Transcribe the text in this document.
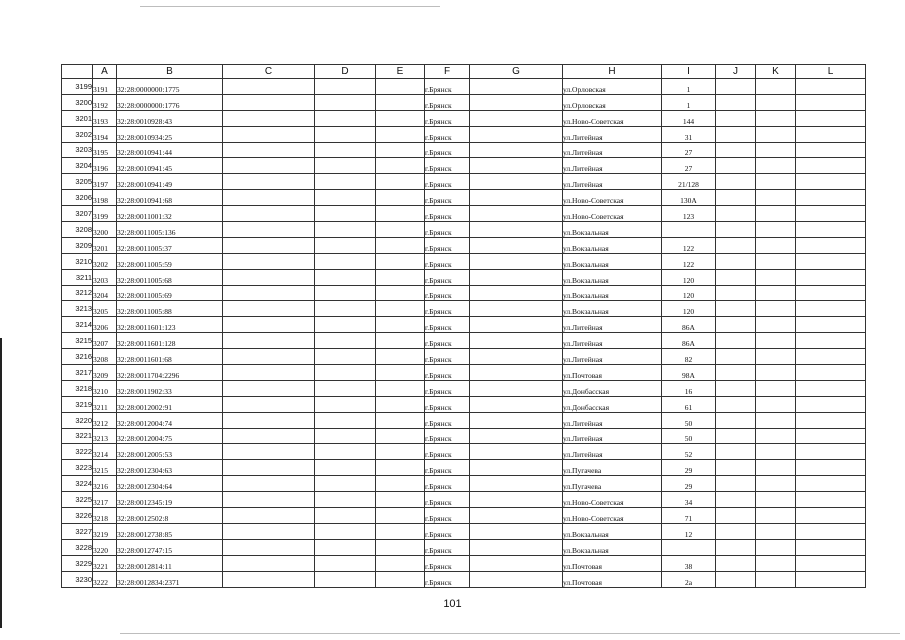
	A	B	C	D	E	F	G	H	I	J	K	L
3199	3191	32:28:0000000:1775				г.Брянск		ул.Орловская	1			
3200	3192	32:28:0000000:1776				г.Брянск		ул.Орловская	1			
3201	3193	32:28:0010928:43				г.Брянск		ул.Ново-Советская	144			
3202	3194	32:28:0010934:25				г.Брянск		ул.Литейная	31			
3203	3195	32:28:0010941:44				г.Брянск		ул.Литейная	27			
3204	3196	32:28:0010941:45				г.Брянск		ул.Литейная	27			
3205	3197	32:28:0010941:49				г.Брянск		ул.Литейная	21/128			
3206	3198	32:28:0010941:68				г.Брянск		ул.Ново-Советская	130А			
3207	3199	32:28:0011001:32				г.Брянск		ул.Ново-Советская	123			
3208	3200	32:28:0011005:136				г.Брянск		ул.Вокзальная				
3209	3201	32:28:0011005:37				г.Брянск		ул.Вокзальная	122			
3210	3202	32:28:0011005:59				г.Брянск		ул.Вокзальная	122			
3211	3203	32:28:0011005:68				г.Брянск		ул.Вокзальная	120			
3212	3204	32:28:0011005:69				г.Брянск		ул.Вокзальная	120			
3213	3205	32:28:0011005:88				г.Брянск		ул.Вокзальная	120			
3214	3206	32:28:0011601:123				г.Брянск		ул.Литейная	86А			
3215	3207	32:28:0011601:128				г.Брянск		ул.Литейная	86А			
3216	3208	32:28:0011601:68				г.Брянск		ул.Литейная	82			
3217	3209	32:28:0011704:2296				г.Брянск		ул.Почтовая	98А			
3218	3210	32:28:0011902:33				г.Брянск		ул.Донбасская	16			
3219	3211	32:28:0012002:91				г.Брянск		ул.Донбасская	61			
3220	3212	32:28:0012004:74				г.Брянск		ул.Литейная	50			
3221	3213	32:28:0012004:75				г.Брянск		ул.Литейная	50			
3222	3214	32:28:0012005:53				г.Брянск		ул.Литейная	52			
3223	3215	32:28:0012304:63				г.Брянск		ул.Пугачева	29			
3224	3216	32:28:0012304:64				г.Брянск		ул.Пугачева	29			
3225	3217	32:28:0012345:19				г.Брянск		ул.Ново-Советская	34			
3226	3218	32:28:0012502:8				г.Брянск		ул.Ново-Советская	71			
3227	3219	32:28:0012738:85				г.Брянск		ул.Вокзальная	12			
3228	3220	32:28:0012747:15				г.Брянск		ул.Вокзальная				
3229	3221	32:28:0012814:11				г.Брянск		ул.Почтовая	38			
3230	3222	32:28:0012834:2371				г.Брянск		ул.Почтовая	2а			
101
